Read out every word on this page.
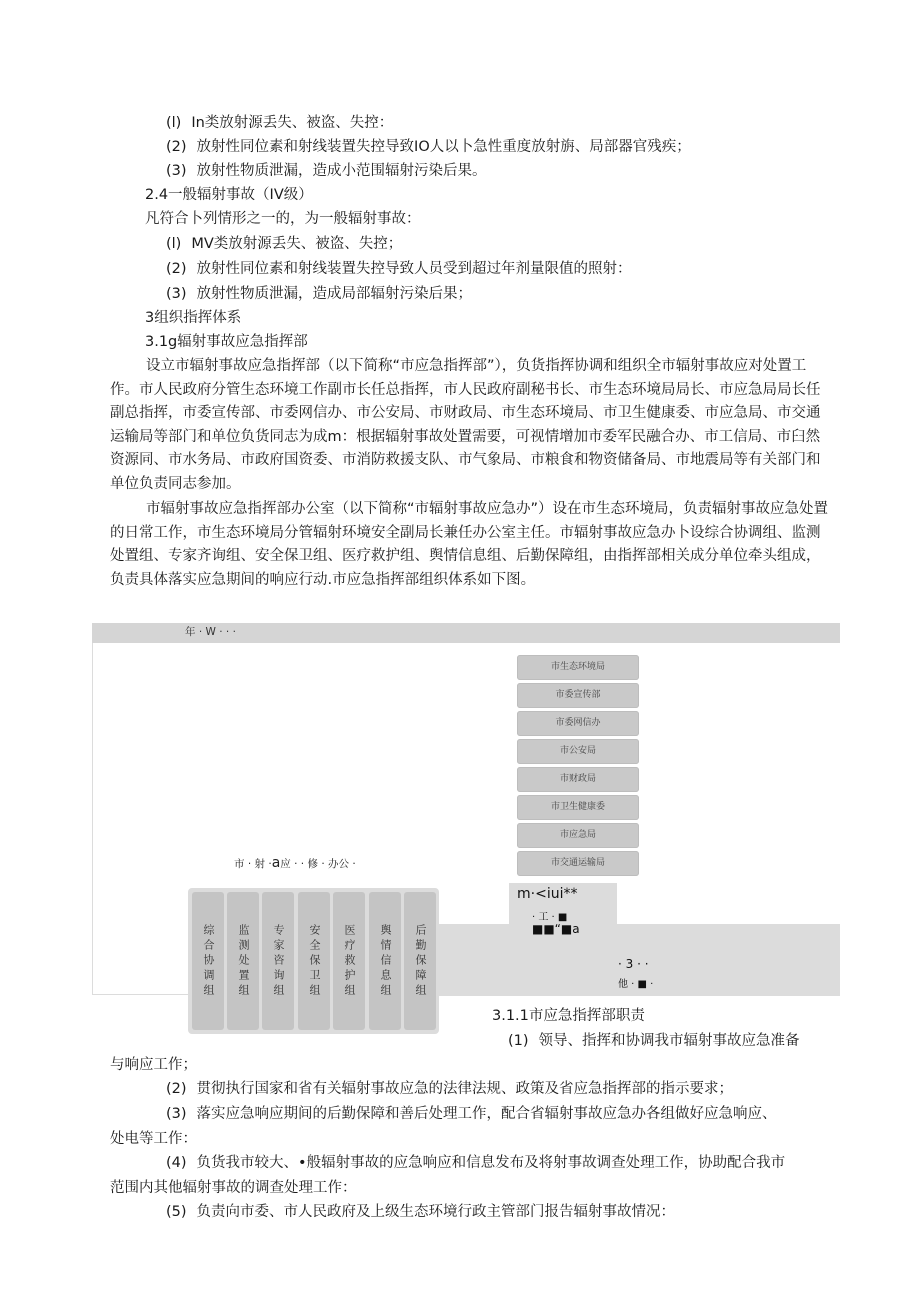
(l) In类放射源丢失、被盗、失控：
(2) 放射性同位素和射线装置失控导致IO人以卜急性重度放射旃、局部器官残疾；
(3) 放射性物质泄漏，造成小范围辐射污染后果。
2.4一般辐射事故（IV级）
凡符合卜列情形之一的，为一般辐射事故：
(l) MV类放射源丢失、被盗、失控；
(2) 放射性同位素和射线装置失控导致人员受到超过年剂量限值的照射：
(3) 放射性物质泄漏，造成局部辐射污染后果；
3组织指挥体系
3.1g辐射事故应急指挥部
设立市辐射事故应急指挥部（以下简称“市应急指挥部”），负货指挥协调和组织全市辐射事故应对处置工作。市人民政府分管生态环境工作副市长任总指挥，市人民政府副秘书长、市生态环境局局长、市应急局局长任副总指挥，市委宣传部、市委网信办、市公安局、市财政局、市生态环境局、市卫生健康委、市应急局、市交通运输局等部门和单位负货同志为成m：根据辐射事故处置需要，可视情增加市委军民融合办、市工信局、市臼然资源同、市水务局、市政府国资委、市消防救援支队、市气象局、市粮食和物资储备局、市地震局等有关部门和单位负责同志参加。
市辐射事故应急指挥部办公室（以下简称“市辐射事故应急办”）设在市生态环境局，负责辐射事故应急处置的日常工作，市生态环境局分管辐射环境安全副局长兼任办公室主任。市辐射事故应急办卜设综合协调组、监测处置组、专家齐询组、安全保卫组、医疗救护组、舆情信息组、后勤保障组，由指挥部相关成分单位牵头组成，负责具体落实应急期间的响应行动.市应急指挥部组织体系如下图。
年 · W · · ·
市生态环境局
市委宣传部
市委网信办
市公安局
市财政局
市卫生健康委
市应急局
市交通运输局
市 · 射 ·a应 · · 修 · 办公 ·
综合协调组 监测处置组 专家咨询组 安全保卫组 医疗救护组 舆情信息组 后勤保障组
m·<iui**
· 工 · ■
■■“■a
· 3 · ·
他 · ■ ·
3.1.1市应急指挥部职责
(1) 领导、指挥和协调我市辐射事故应急准备
与响应工作；
(2) 贯彻执行国家和省有关辐射事故应急的法律法规、政策及省应急指挥部的指示要求；
(3) 落实应急响应期间的后勤保障和善后处理工作，配合省辐射事故应急办各组做好应急响应、
处电等工作：
(4) 负货我市较大、•般辐射事故的应急响应和信息发布及将射事故调查处理工作，协助配合我市
范围内其他辐射事故的调查处理工作：
(5) 负责向市委、市人民政府及上级生态环境行政主管部门报告辐射事故情况：
